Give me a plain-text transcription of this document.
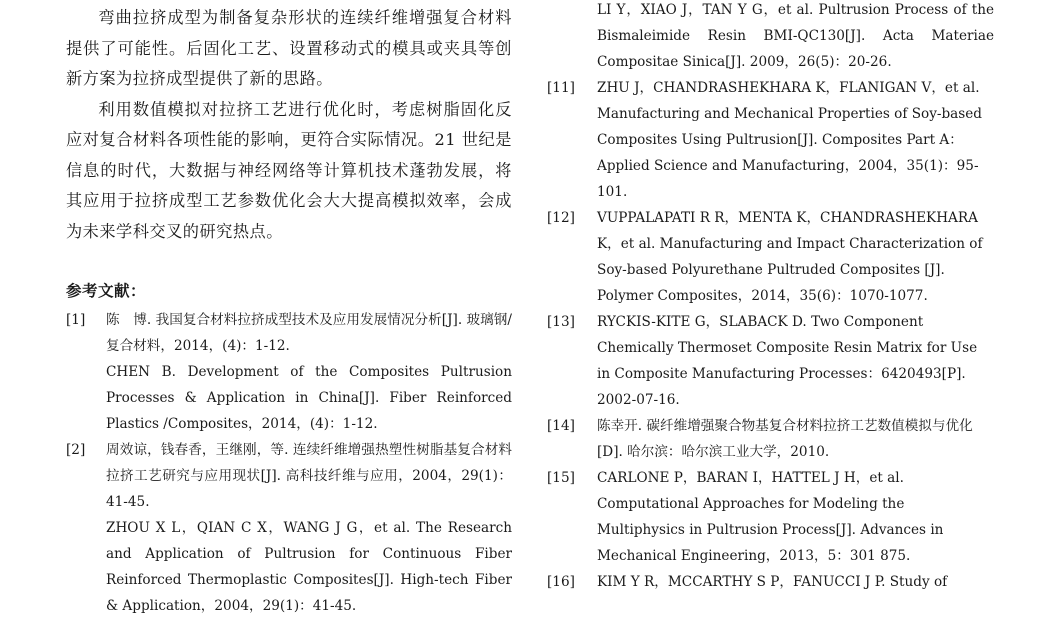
弯曲拉挤成型为制备复杂形状的连续纤维增强复合材料提供了可能性。后固化工艺、设置移动式的模具或夹具等创新方案为拉挤成型提供了新的思路。

利用数值模拟对拉挤工艺进行优化时，考虑树脂固化反应对复合材料各项性能的影响，更符合实际情况。21 世纪是信息的时代，大数据与神经网络等计算机技术蓬勃发展，将其应用于拉挤成型工艺参数优化会大大提高模拟效率，会成为未来学科交叉的研究热点。

参考文献：
[1]	陈　博. 我国复合材料拉挤成型技术及应用发展情况分析[J]. 玻璃钢/复合材料，2014，(4)：1-12.
CHEN B. Development of the Composites Pultrusion Processes & Application in China[J]. Fiber Reinforced Plastics /Composites，2014，(4)：1-12.
[2]	周效谅，钱春香，王继刚，等. 连续纤维增强热塑性树脂基复合材料拉挤工艺研究与应用现状[J]. 高科技纤维与应用，2004，29(1)：41-45.
ZHOU X L，QIAN C X，WANG J G，et al. The Research and Application of Pultrusion for Continuous Fiber Reinforced Thermoplastic Composites[J]. High-tech Fiber & Application，2004，29(1)：41-45.
LI Y，XIAO J，TAN Y G，et al. Pultrusion Process of the Bismaleimide Resin BMI-QC130[J]. Acta Materiae Compositae Sinica[J]. 2009，26(5)：20-26.
[11]	ZHU J，CHANDRASHEKHARA K，FLANIGAN V，et al. Manufacturing and Mechanical Properties of Soy-based Composites Using Pultrusion[J]. Composites Part A：Applied Science and Manufacturing，2004，35(1)：95-101.
[12]	VUPPALAPATI R R，MENTA K，CHANDRASHEKHARA K，et al. Manufacturing and Impact Characterization of Soy-based Polyurethane Pultruded Composites [J]. Polymer Composites，2014，35(6)：1070-1077.
[13]	RYCKIS-KITE G，SLABACK D. Two Component Chemically Thermoset Composite Resin Matrix for Use in Composite Manufacturing Processes：6420493[P]. 2002-07-16.
[14]	陈幸开. 碳纤维增强聚合物基复合材料拉挤工艺数值模拟与优化[D]. 哈尔滨：哈尔滨工业大学，2010.
[15]	CARLONE P，BARAN I，HATTEL J H，et al. Computational Approaches for Modeling the Multiphysics in Pultrusion Process[J]. Advances in Mechanical Engineering，2013，5：301 875.
[16]	KIM Y R，MCCARTHY S P，FANUCCI J P. Study of
